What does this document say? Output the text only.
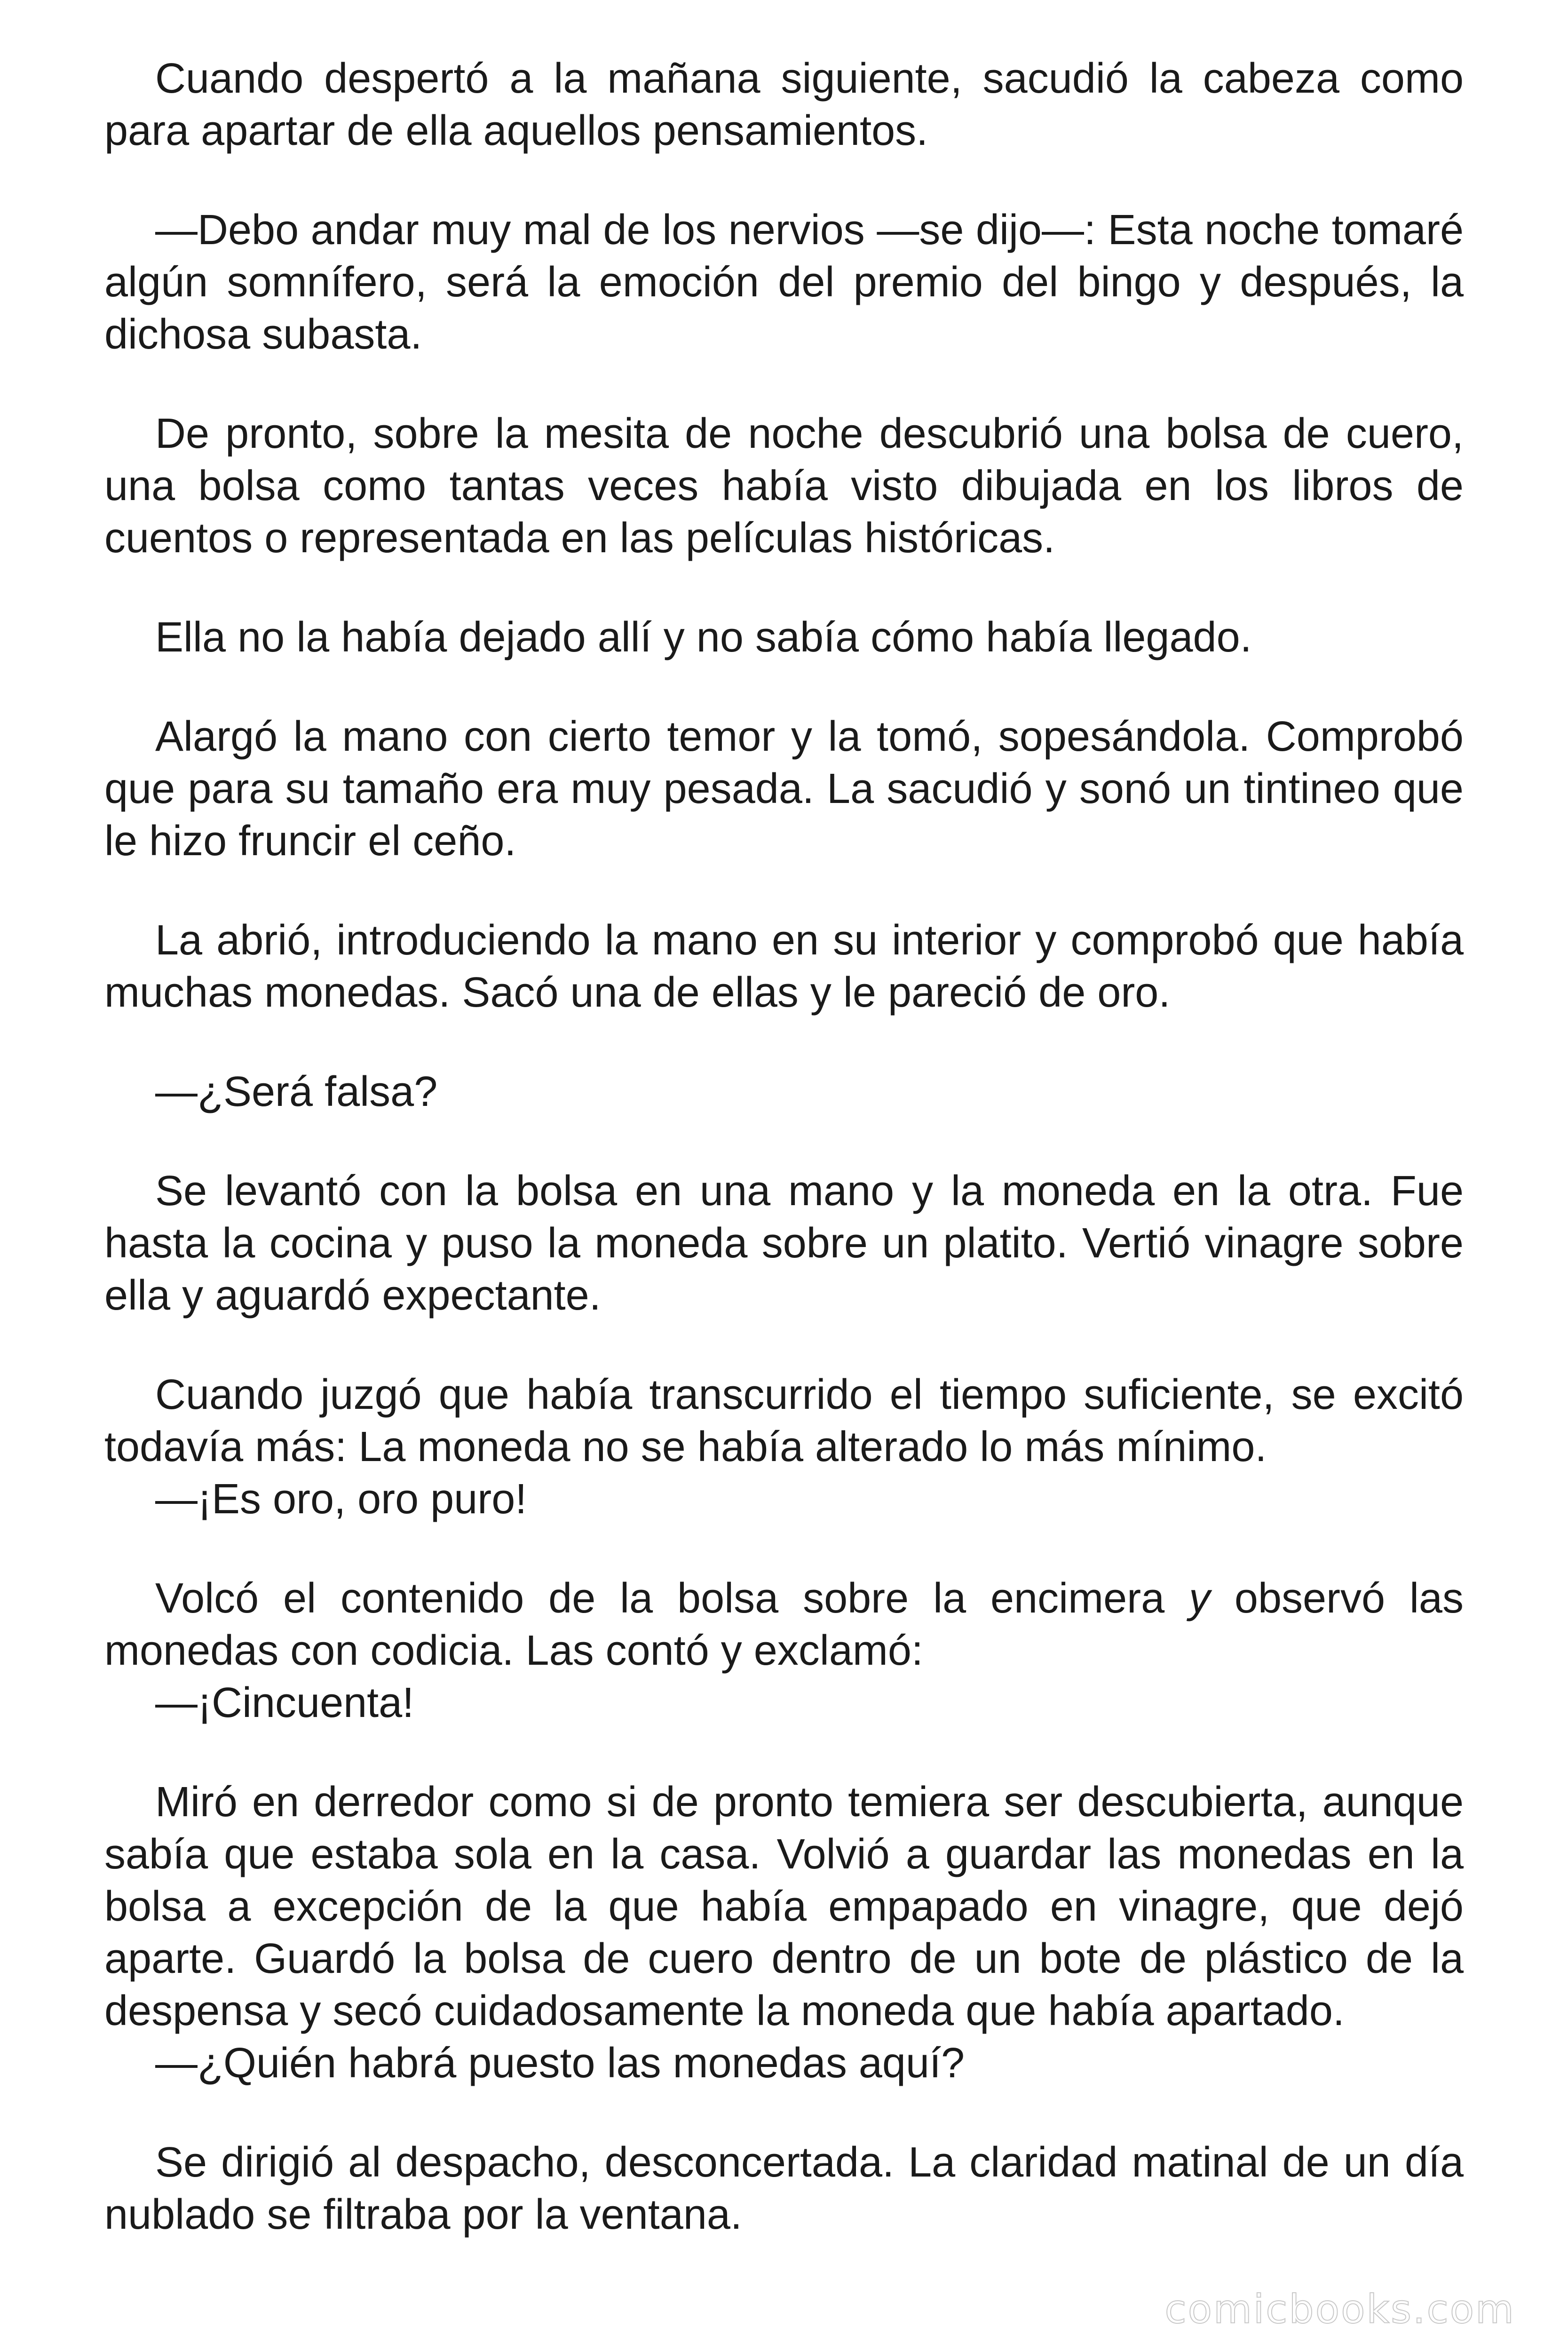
Cuando despertó a la mañana siguiente, sacudió la cabeza como para apartar de ella aquellos pensamientos.

—Debo andar muy mal de los nervios —se dijo—: Esta noche tomaré algún somnífero, será la emoción del premio del bingo y después, la dichosa subasta.

De pronto, sobre la mesita de noche descubrió una bolsa de cuero, una bolsa como tantas veces había visto dibujada en los libros de cuentos o representada en las películas históricas.

Ella no la había dejado allí y no sabía cómo había llegado.

Alargó la mano con cierto temor y la tomó, sopesándola. Comprobó que para su tamaño era muy pesada. La sacudió y sonó un tintineo que le hizo fruncir el ceño.

La abrió, introduciendo la mano en su interior y comprobó que había muchas monedas. Sacó una de ellas y le pareció de oro.

—¿Será falsa?

Se levantó con la bolsa en una mano y la moneda en la otra. Fue hasta la cocina y puso la moneda sobre un platito. Vertió vinagre sobre ella y aguardó expectante.

Cuando juzgó que había transcurrido el tiempo suficiente, se excitó todavía más: La moneda no se había alterado lo más mínimo.

—¡Es oro, oro puro!

Volcó el contenido de la bolsa sobre la encimera y observó las monedas con codicia. Las contó y exclamó:

—¡Cincuenta!

Miró en derredor como si de pronto temiera ser descubierta, aunque sabía que estaba sola en la casa. Volvió a guardar las monedas en la bolsa a excepción de la que había empapado en vinagre, que dejó aparte. Guardó la bolsa de cuero dentro de un bote de plástico de la despensa y secó cuidadosamente la moneda que había apartado.

—¿Quién habrá puesto las monedas aquí?

Se dirigió al despacho, desconcertada. La claridad matinal de un día nublado se filtraba por la ventana.

comicbooks.com
